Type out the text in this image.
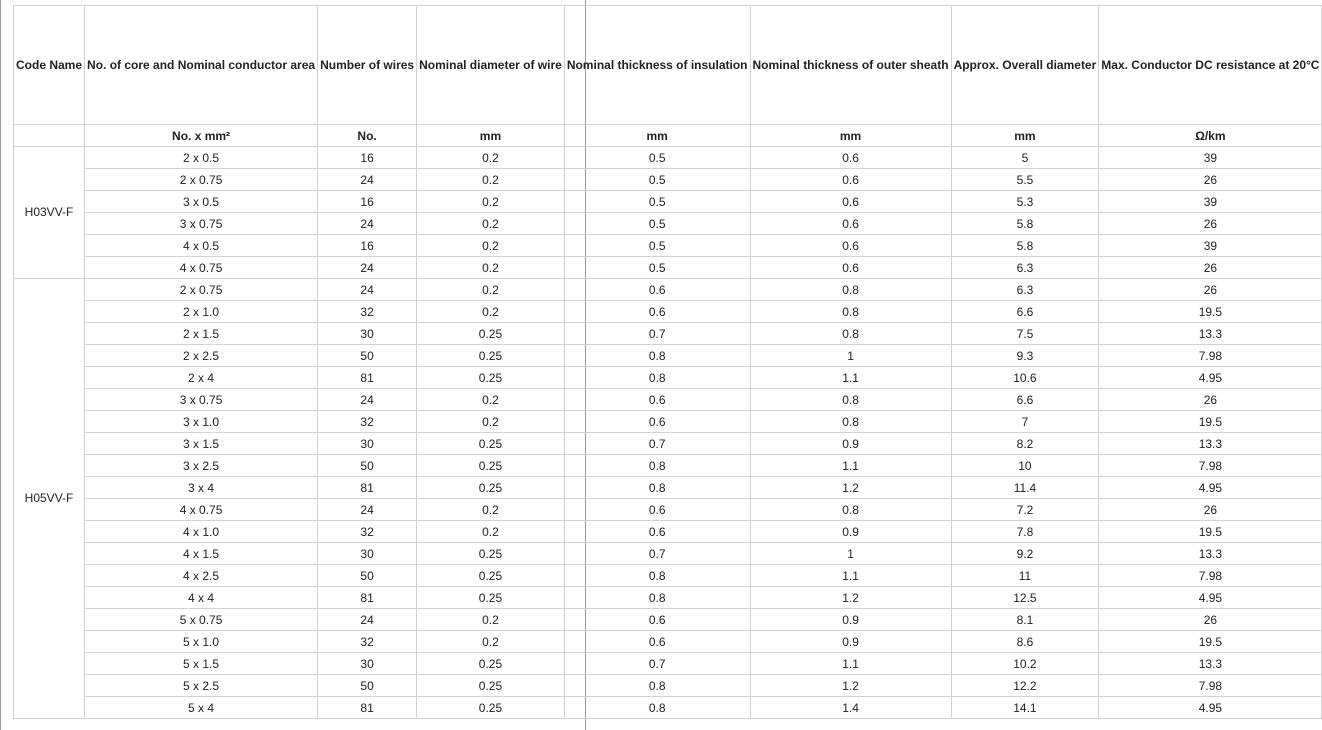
Code Name	No. of core and Nominal conductor area	Number of wires	Nominal diameter of wire	Nominal thickness of insulation	Nominal thickness of outer sheath	Approx. Overall diameter	Max. Conductor DC resistance at 20°C
	No. x mm²	No.	mm	mm	mm	mm	Ω/km
H03VV-F	2 x 0.5	16	0.2	0.5	0.6	5	39
	2 x 0.75	24	0.2	0.5	0.6	5.5	26
	3 x 0.5	16	0.2	0.5	0.6	5.3	39
	3 x 0.75	24	0.2	0.5	0.6	5.8	26
	4 x 0.5	16	0.2	0.5	0.6	5.8	39
	4 x 0.75	24	0.2	0.5	0.6	6.3	26
H05VV-F	2 x 0.75	24	0.2	0.6	0.8	6.3	26
	2 x 1.0	32	0.2	0.6	0.8	6.6	19.5
	2 x 1.5	30	0.25	0.7	0.8	7.5	13.3
	2 x 2.5	50	0.25	0.8	1	9.3	7.98
	2 x 4	81	0.25	0.8	1.1	10.6	4.95
	3 x 0.75	24	0.2	0.6	0.8	6.6	26
	3 x 1.0	32	0.2	0.6	0.8	7	19.5
	3 x 1.5	30	0.25	0.7	0.9	8.2	13.3
	3 x 2.5	50	0.25	0.8	1.1	10	7.98
	3 x 4	81	0.25	0.8	1.2	11.4	4.95
	4 x 0.75	24	0.2	0.6	0.8	7.2	26
	4 x 1.0	32	0.2	0.6	0.9	7.8	19.5
	4 x 1.5	30	0.25	0.7	1	9.2	13.3
	4 x 2.5	50	0.25	0.8	1.1	11	7.98
	4 x 4	81	0.25	0.8	1.2	12.5	4.95
	5 x 0.75	24	0.2	0.6	0.9	8.1	26
	5 x 1.0	32	0.2	0.6	0.9	8.6	19.5
	5 x 1.5	30	0.25	0.7	1.1	10.2	13.3
	5 x 2.5	50	0.25	0.8	1.2	12.2	7.98
	5 x 4	81	0.25	0.8	1.4	14.1	4.95
